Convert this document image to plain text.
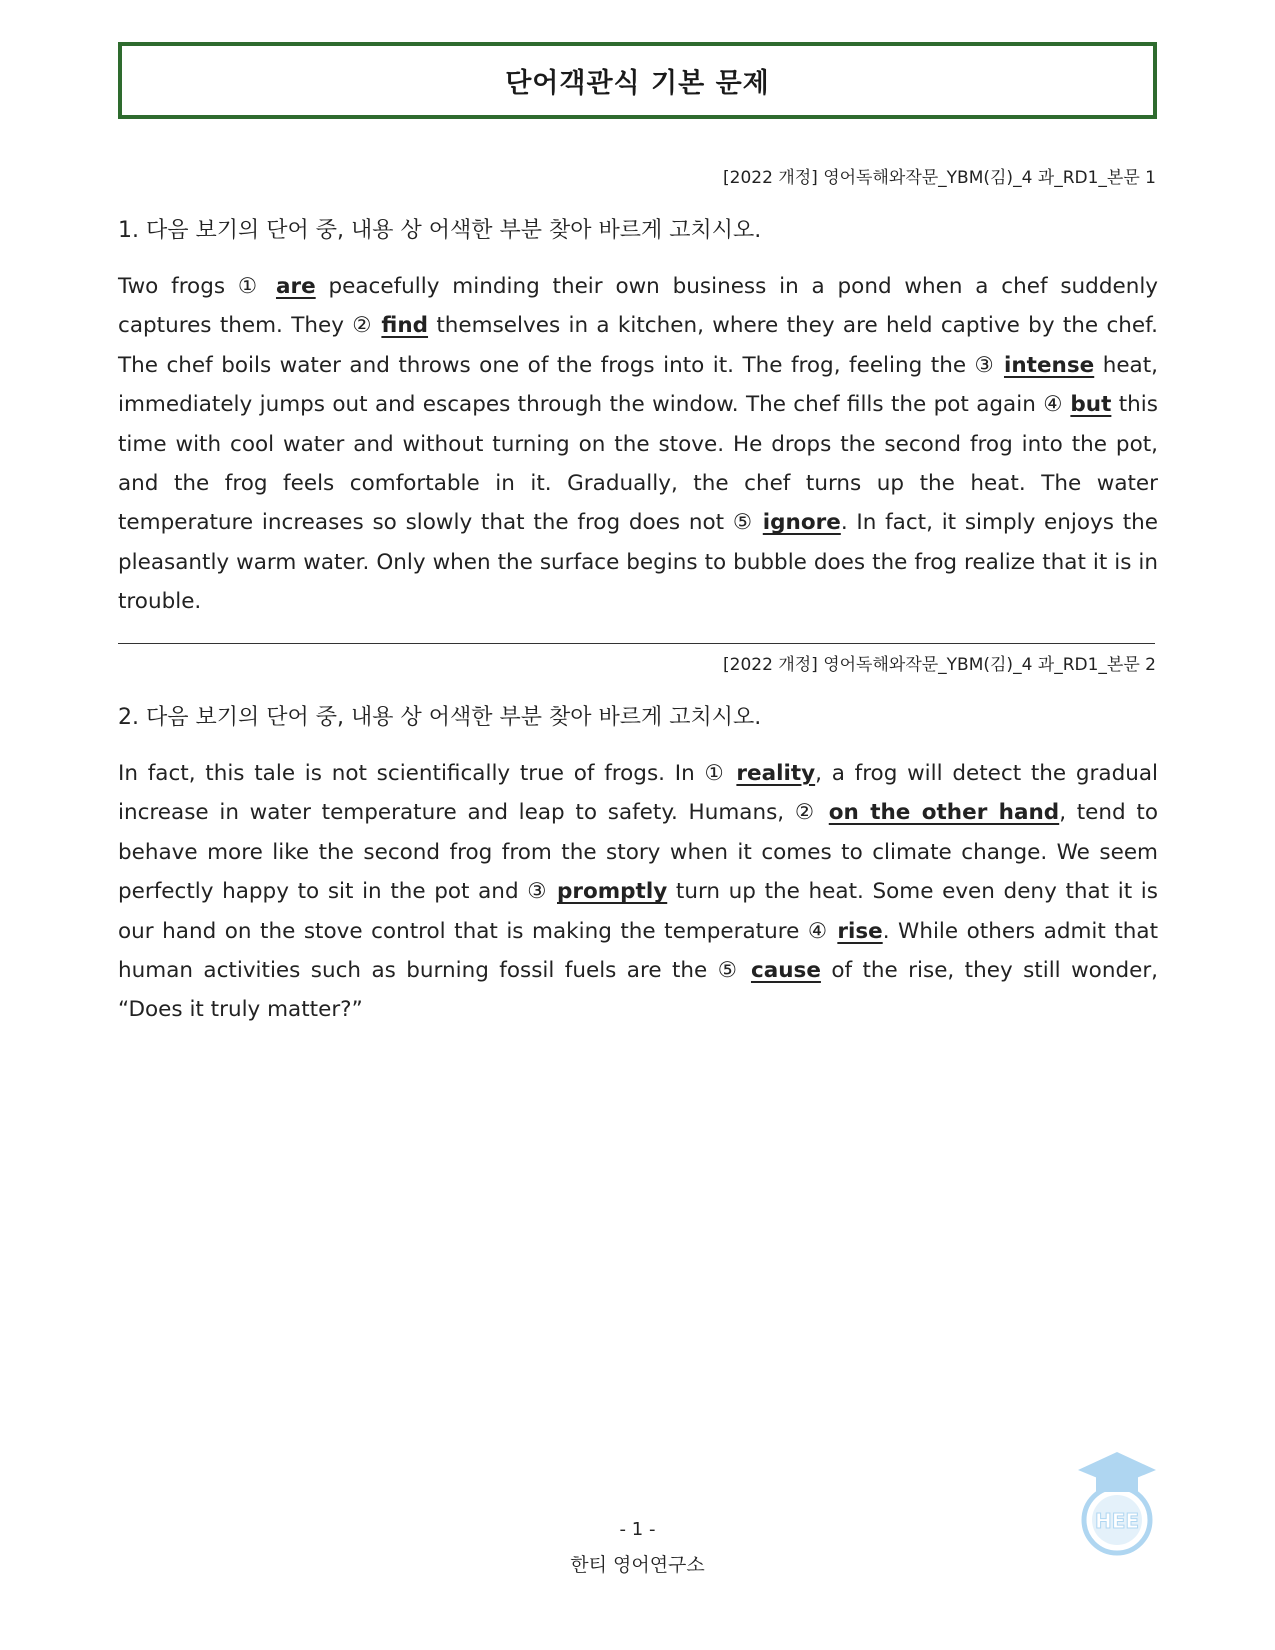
단어객관식 기본 문제
[2022 개정] 영어독해와작문_YBM(김)_4 과_RD1_본문 1
1. 다음 보기의 단어 중, 내용 상 어색한 부분 찾아 바르게 고치시오.

Two frogs ① are peacefully minding their own business in a pond when a chef suddenly captures them. They ② find themselves in a kitchen, where they are held captive by the chef. The chef boils water and throws one of the frogs into it. The frog, feeling the ③ intense heat, immediately jumps out and escapes through the window. The chef fills the pot again ④ but this time with cool water and without turning on the stove. He drops the second frog into the pot, and the frog feels comfortable in it. Gradually, the chef turns up the heat. The water temperature increases so slowly that the frog does not ⑤ ignore. In fact, it simply enjoys the pleasantly warm water. Only when the surface begins to bubble does the frog realize that it is in trouble.

[2022 개정] 영어독해와작문_YBM(김)_4 과_RD1_본문 2
2. 다음 보기의 단어 중, 내용 상 어색한 부분 찾아 바르게 고치시오.

In fact, this tale is not scientifically true of frogs. In ① reality, a frog will detect the gradual increase in water temperature and leap to safety. Humans, ② on the other hand, tend to behave more like the second frog from the story when it comes to climate change. We seem perfectly happy to sit in the pot and ③ promptly turn up the heat. Some even deny that it is our hand on the stove control that is making the temperature ④ rise. While others admit that human activities such as burning fossil fuels are the ⑤ cause of the rise, they still wonder, “Does it truly matter?”

- 1 -
한티 영어연구소
HEE
